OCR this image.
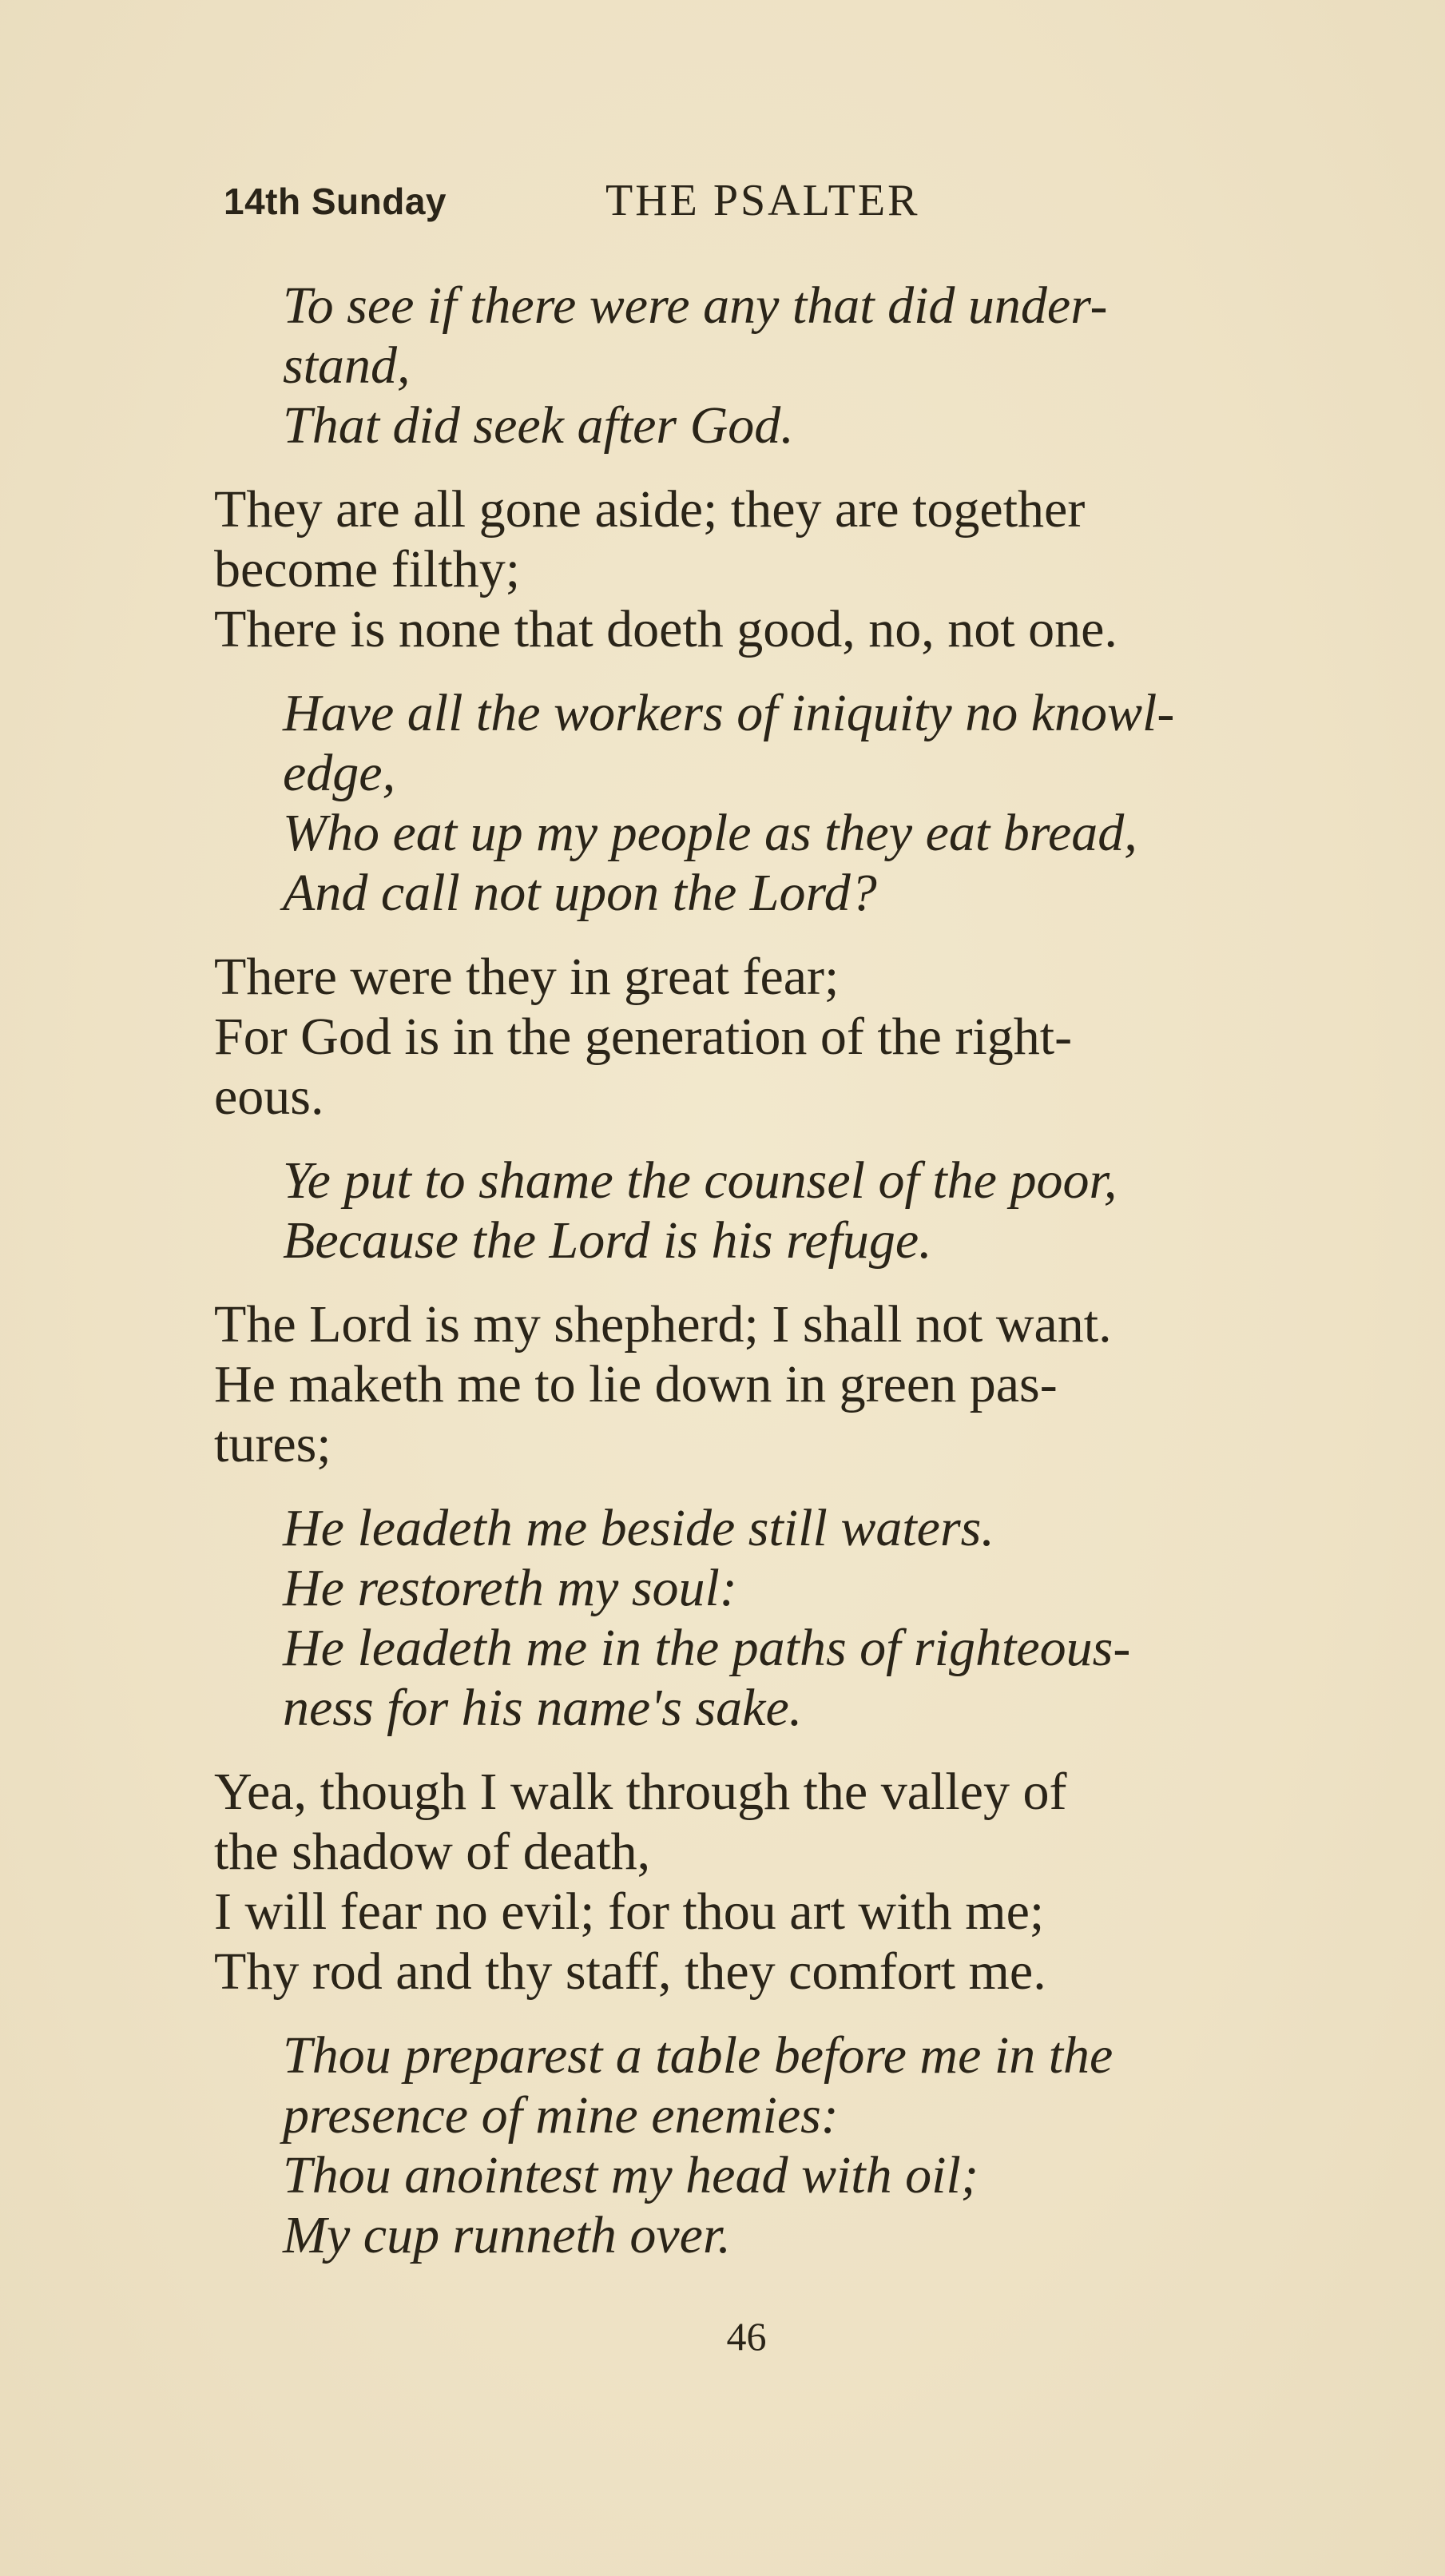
14th Sunday	THE PSALTER
To see if there were any that did under-
stand,
That did seek after God.
They are all gone aside; they are together
become filthy;
There is none that doeth good, no, not one.
Have all the workers of iniquity no knowl-
edge,
Who eat up my people as they eat bread,
And call not upon the Lord?
There were they in great fear;
For God is in the generation of the right-
eous.
Ye put to shame the counsel of the poor,
Because the Lord is his refuge.
The Lord is my shepherd; I shall not want.
He maketh me to lie down in green pas-
tures;
He leadeth me beside still waters.
He restoreth my soul:
He leadeth me in the paths of righteous-
ness for his name's sake.
Yea, though I walk through the valley of
the shadow of death,
I will fear no evil; for thou art with me;
Thy rod and thy staff, they comfort me.
Thou preparest a table before me in the
presence of mine enemies:
Thou anointest my head with oil;
My cup runneth over.
46
